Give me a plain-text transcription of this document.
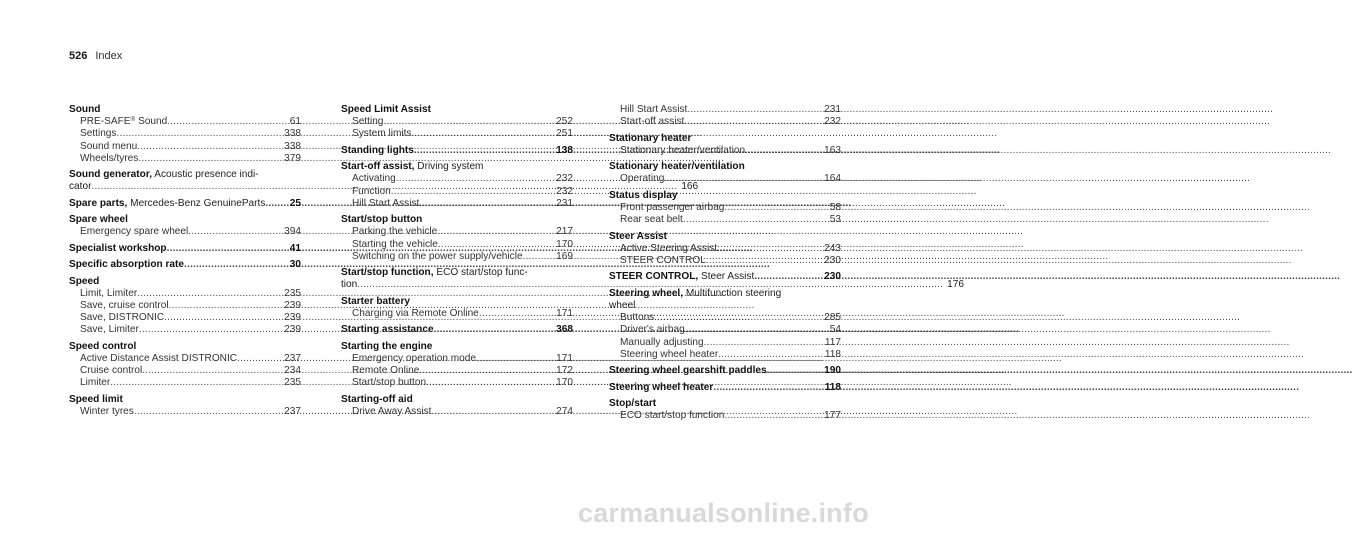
526 Index
Sound
PRE-SAFE® Sound .....	61
Settings .....	338
Sound menu .....	338
Wheels/tyres .....	379
Sound generator, Acoustic presence indi-
cator .....	166
Spare parts, Mercedes-Benz GenuineParts .....	25
Spare wheel
Emergency spare wheel .....	394
Specialist workshop .....	41
Specific absorption rate .....	30
Speed
Limit, Limiter .....	235
Save, cruise control .....	239
Save, DISTRONIC .....	239
Save, Limiter .....	239
Speed control
Active Distance Assist DISTRONIC .....	237
Cruise control .....	234
Limiter .....	235
Speed limit
Winter tyres .....	237
Speed Limit Assist
Setting .....	252
System limits .....	251
Standing lights .....	138
Start-off assist, Driving system
Activating .....	232
Function .....	232
Hill Start Assist .....	231
Start/stop button
Parking the vehicle .....	217
Starting the vehicle .....	170
Switching on the power supply/vehicle .....	169
Start/stop function, ECO start/stop func-
tion .....	176
Starter battery
Charging via Remote Online .....	171
Starting assistance .....	368
Starting the engine
Emergency operation mode .....	171
Remote Online .....	172
Start/stop button .....	170
Starting-off aid
Drive Away Assist .....	274
Hill Start Assist .....	231
Start-off assist .....	232
Stationary heater
Stationary heater/ventilation .....	163
Stationary heater/ventilation
Operating .....	164
Status display
Front passenger airbag .....	58
Rear seat belt .....	53
Steer Assist
Active Steering Assist .....	243
STEER CONTROL .....	230
STEER CONTROL, Steer Assist .....	230
Steering wheel, Multifunction steering
wheel
Buttons .....	285
Driver's airbag .....	54
Manually adjusting .....	117
Steering wheel heater .....	118
Steering wheel gearshift paddles .....	190
Steering wheel heater .....	118
Stop/start
ECO start/stop function .....	177
carmanualsonline.info
